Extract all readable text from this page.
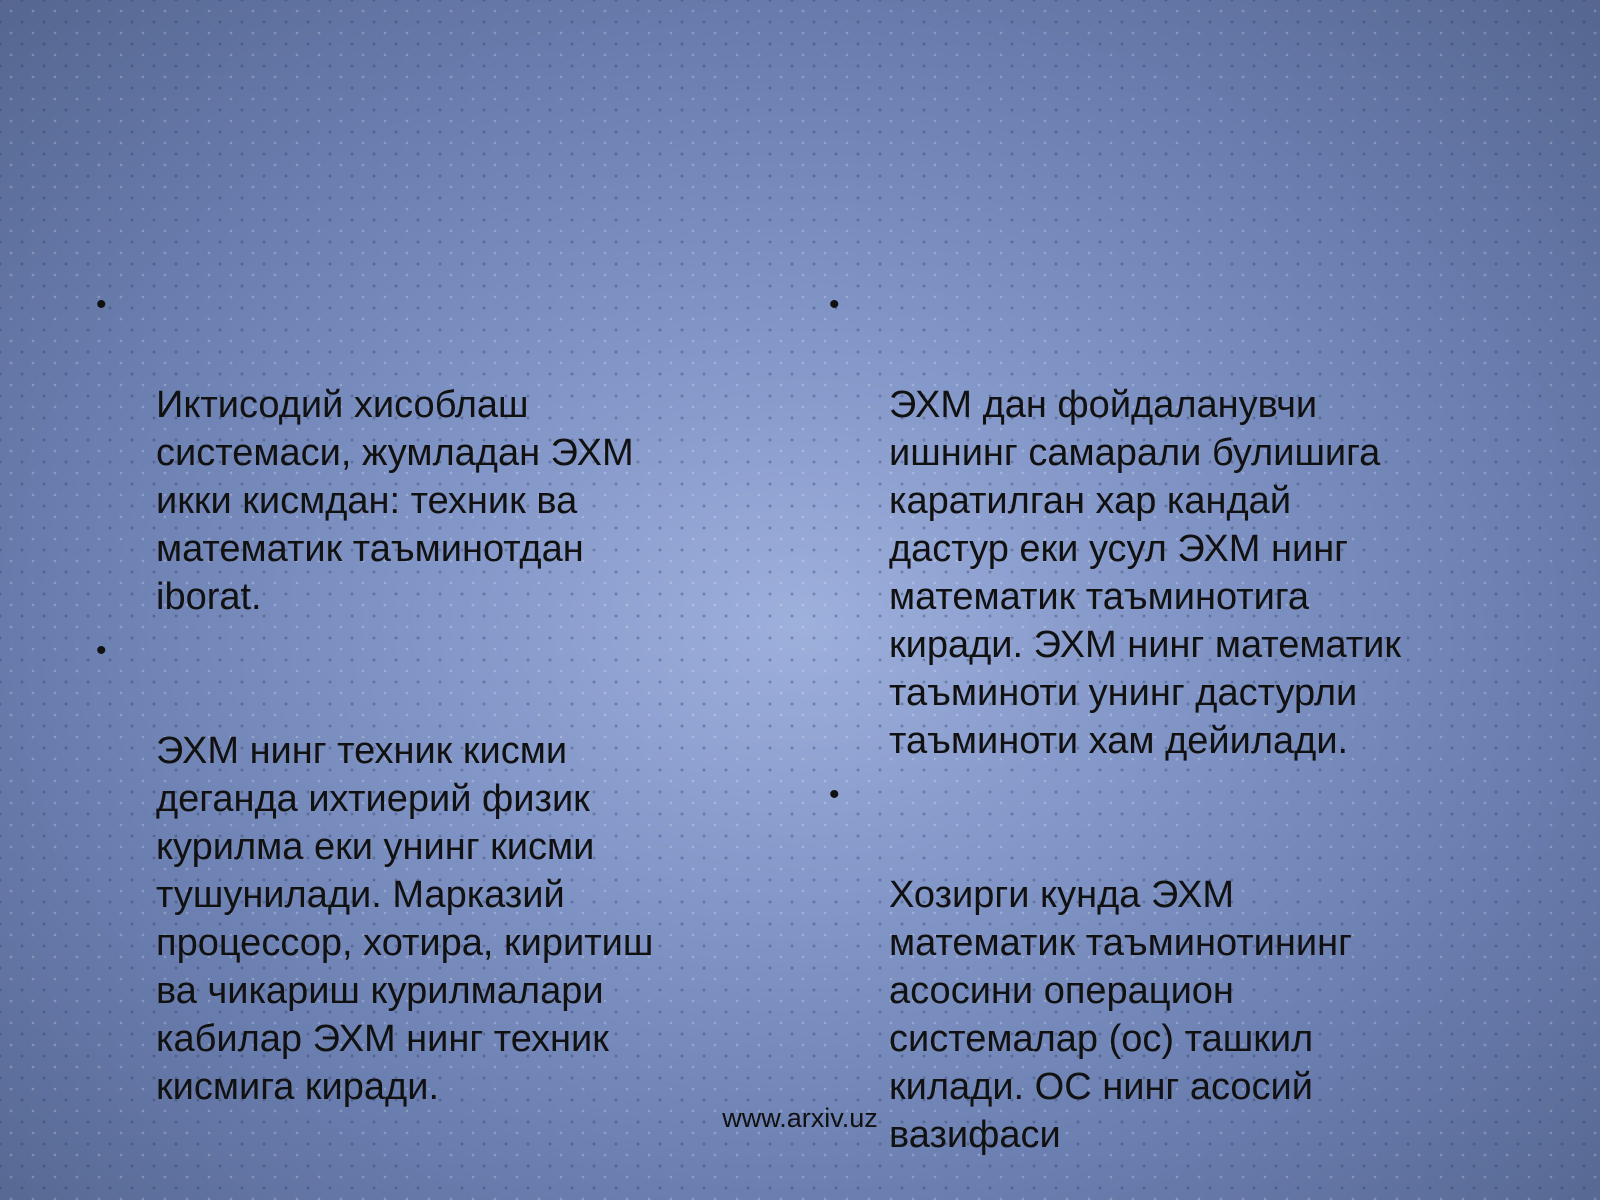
•

Иктисодий хисоблаш
системаси, жумладан ЭХМ
икки кисмдан: техник ва
математик таъминотдан
iborat.

•

ЭХМ нинг техник кисми
деганда ихтиерий физик
курилма еки унинг кисми
тушунилади. Марказий
процессор, хотира, киритиш
ва чикариш курилмалари
кабилар ЭХМ нинг техник
кисмига киради.

•

ЭХМ дан фойдаланувчи
ишнинг самарали булишига
каратилган хар кандай
дастур еки усул ЭХМ нинг
математик таъминотига
киради. ЭХМ нинг математик
таъминоти унинг дастурли
таъминоти хам дейилади.

•

Хозирги кунда ЭХМ
математик таъминотининг
асосини операцион
системалар (ос) ташкил
килади. ОС нинг асосий
вазифаси

www.arxiv.uz
